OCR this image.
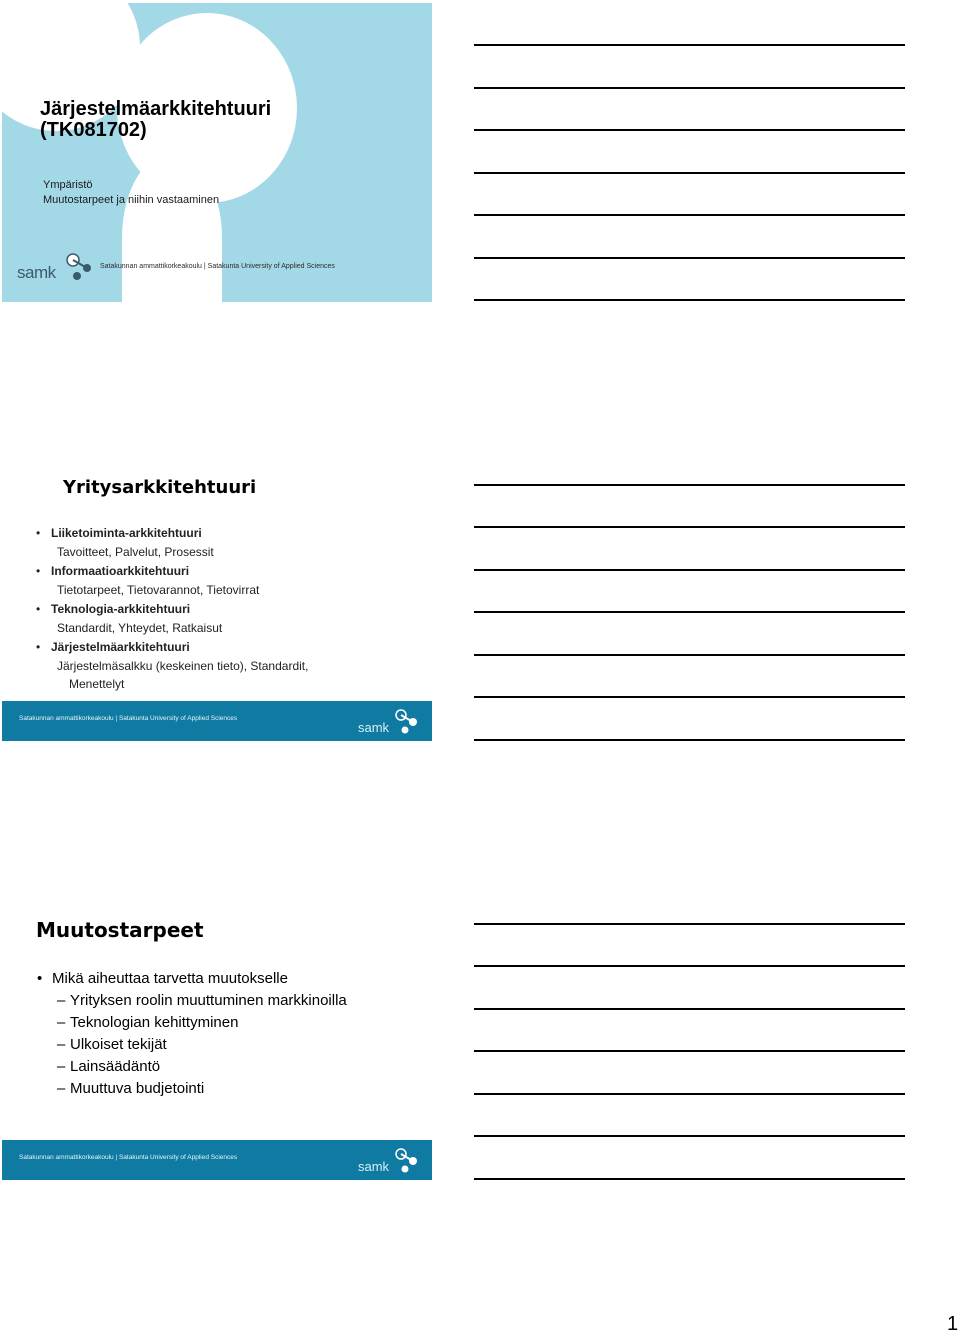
Järjestelmäarkkitehtuuri
(TK081702)
Ympäristö
Muutostarpeet ja niihin vastaaminen
samk	Satakunnan ammattikorkeakoulu | Satakunta University of Applied Sciences
Yritysarkkitehtuuri
• Liiketoiminta-arkkitehtuuri
Tavoitteet, Palvelut, Prosessit
• Informaatioarkkitehtuuri
Tietotarpeet, Tietovarannot, Tietovirrat
• Teknologia-arkkitehtuuri
Standardit, Yhteydet, Ratkaisut
• Järjestelmäarkkitehtuuri
Järjestelmäsalkku (keskeinen tieto), Standardit,
Menettelyt
Satakunnan ammattikorkeakoulu | Satakunta University of Applied Sciences
samk
Muutostarpeet
• Mikä aiheuttaa tarvetta muutokselle
– Yrityksen roolin muuttuminen markkinoilla
– Teknologian kehittyminen
– Ulkoiset tekijät
– Lainsäädäntö
– Muuttuva budjetointi
Satakunnan ammattikorkeakoulu | Satakunta University of Applied Sciences
samk
1
